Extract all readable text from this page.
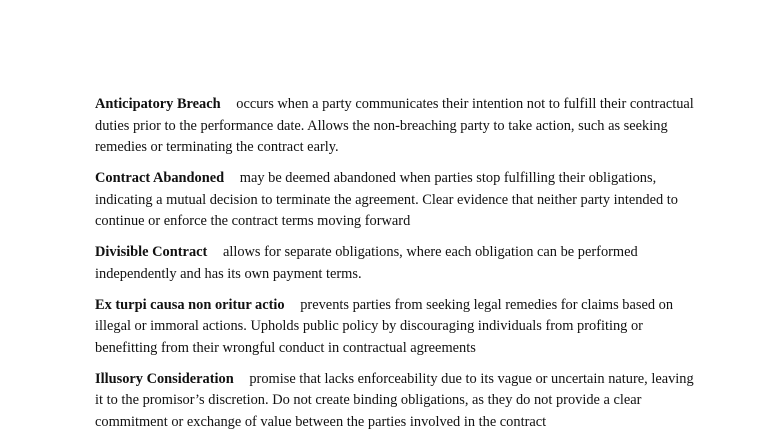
Anticipatory Breach occurs when a party communicates their intention not to fulfill their contractual duties prior to the performance date. Allows the non-breaching party to take action, such as seeking remedies or terminating the contract early.

Contract Abandoned may be deemed abandoned when parties stop fulfilling their obligations, indicating a mutual decision to terminate the agreement. Clear evidence that neither party intended to continue or enforce the contract terms moving forward

Divisible Contract allows for separate obligations, where each obligation can be performed independently and has its own payment terms.

Ex turpi causa non oritur actio prevents parties from seeking legal remedies for claims based on illegal or immoral actions. Upholds public policy by discouraging individuals from profiting or benefitting from their wrongful conduct in contractual agreements

Illusory Consideration promise that lacks enforceability due to its vague or uncertain nature, leaving it to the promisor’s discretion. Do not create binding obligations, as they do not provide a clear commitment or exchange of value between the parties involved in the contract
